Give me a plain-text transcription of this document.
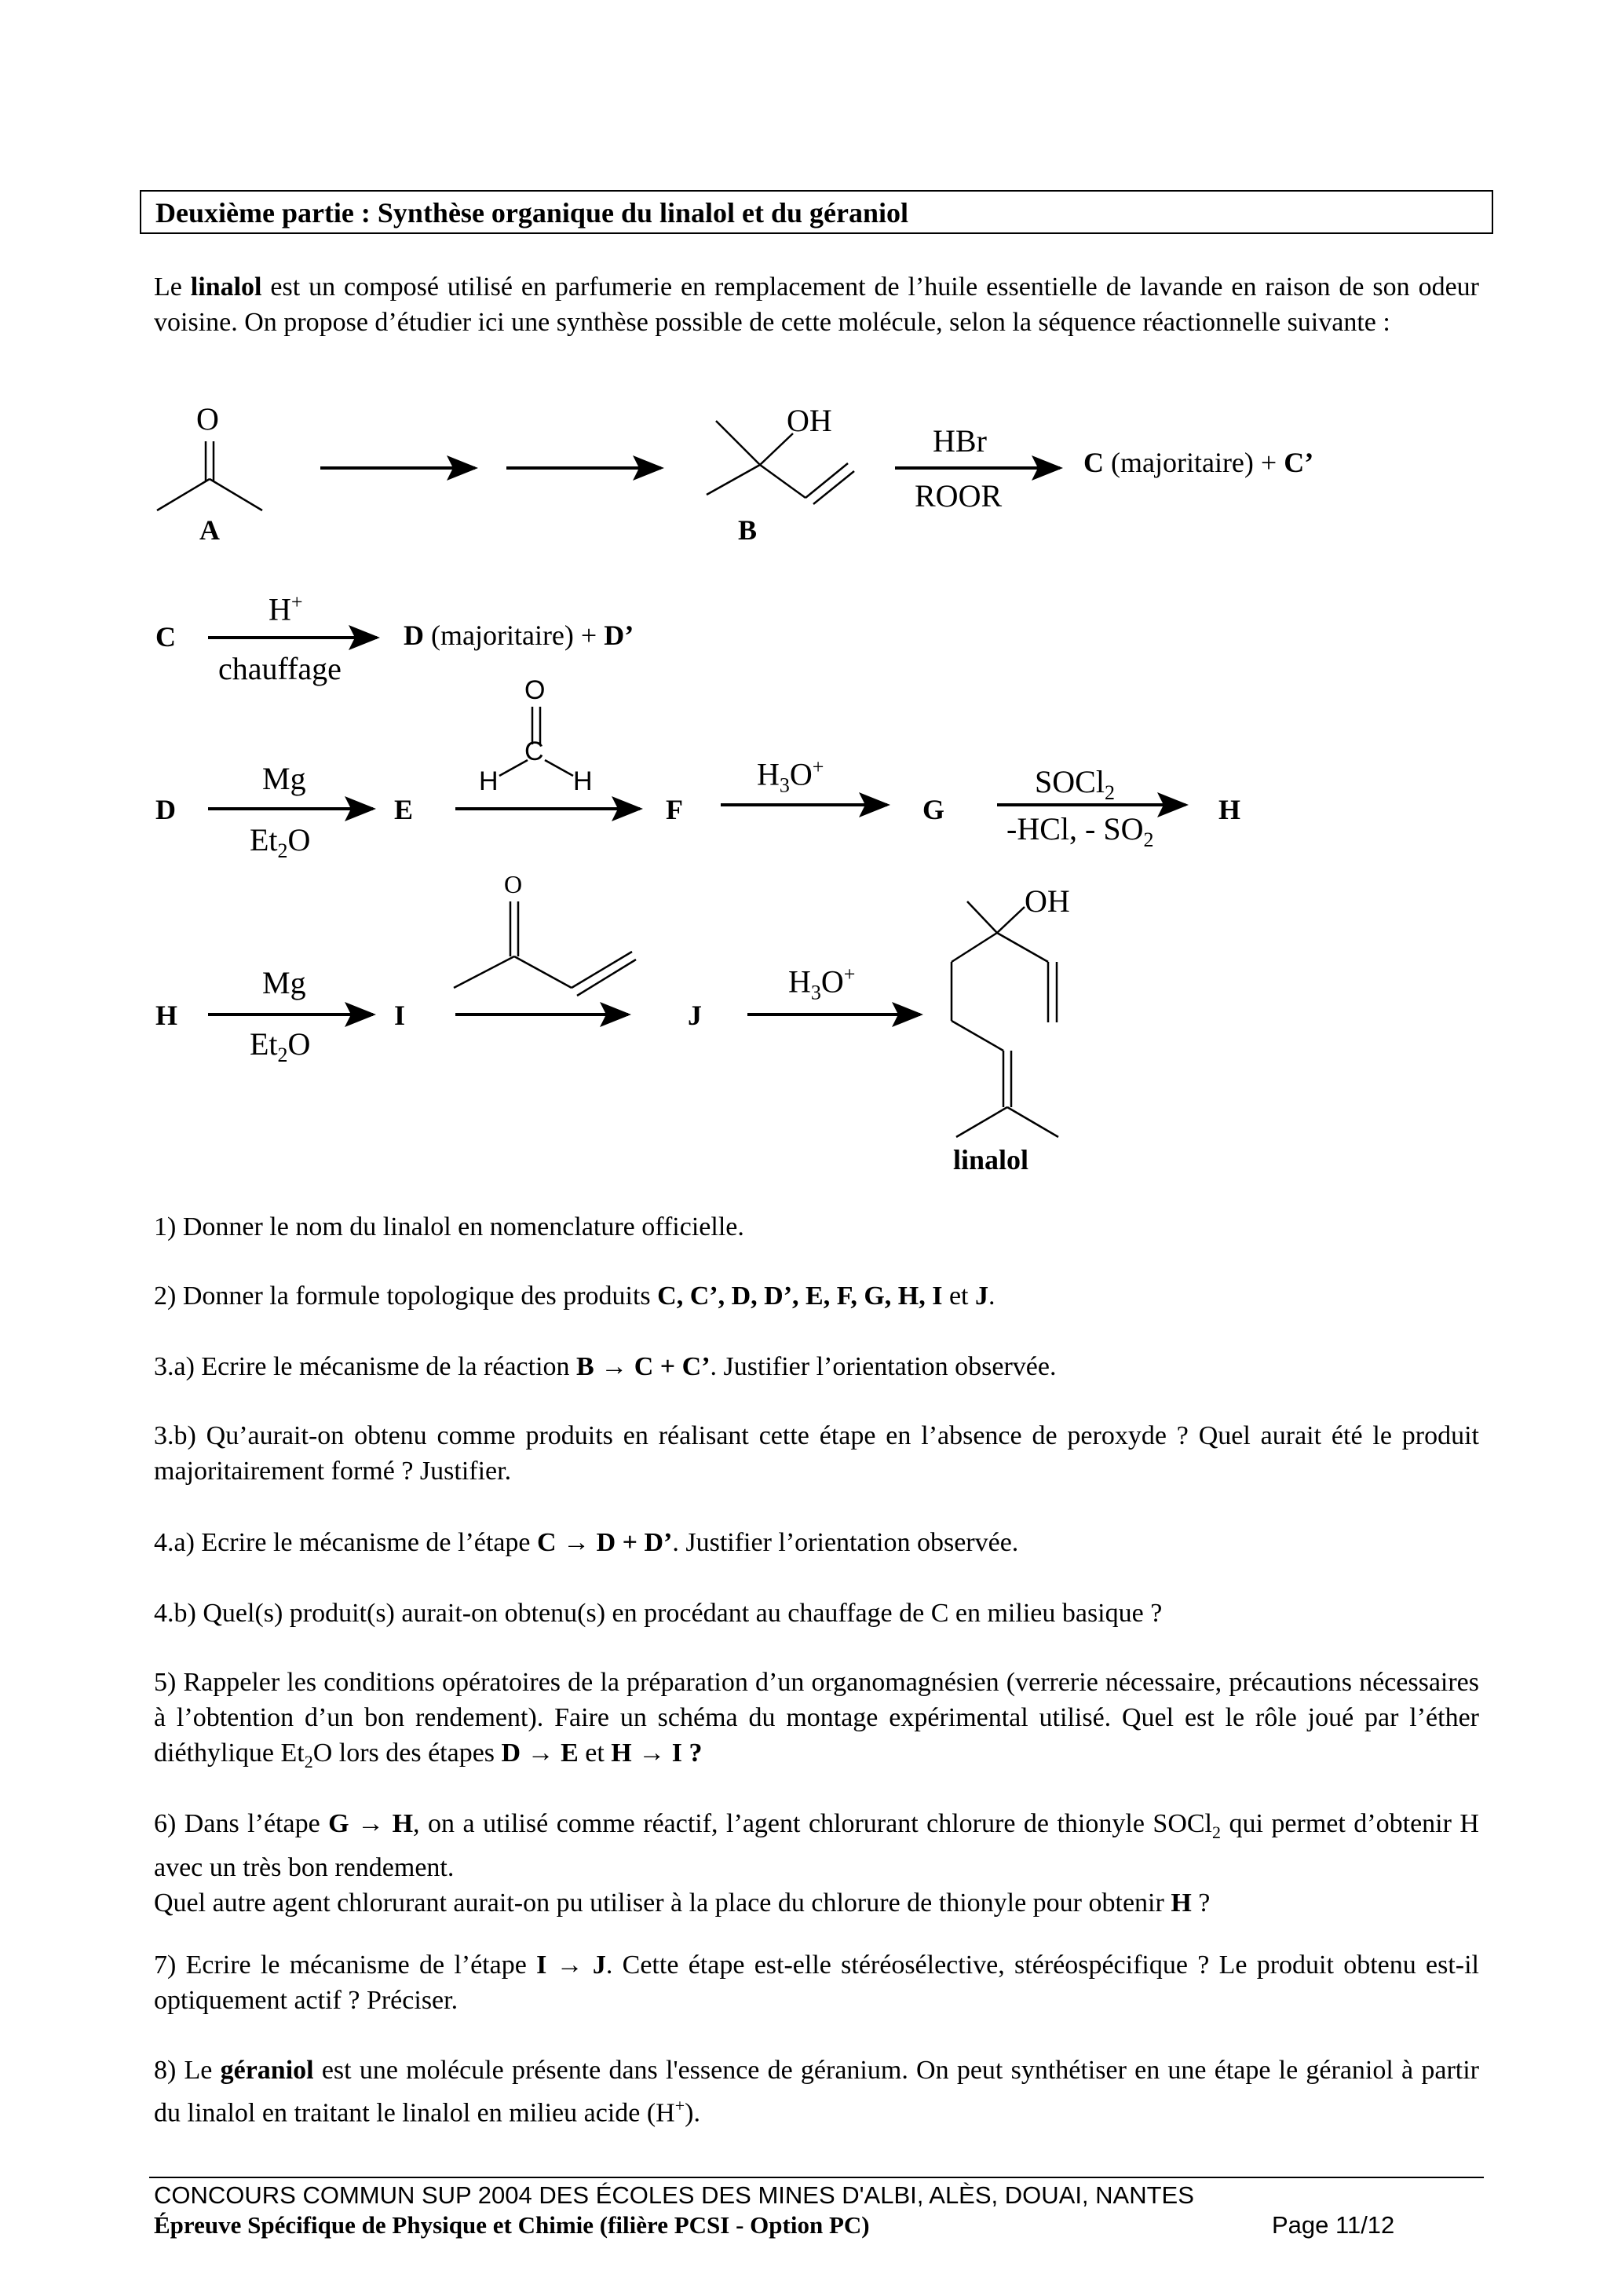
Deuxième partie : Synthèse organique du linalol et du géraniol
Le linalol est un composé utilisé en parfumerie en remplacement de l’huile essentielle de lavande en raison de son odeur voisine. On propose d’étudier ici une synthèse possible de cette molécule, selon la séquence réactionnelle suivante :
O
A
OH
B
HBr
ROOR
C (majoritaire) + C’
C
H+
chauffage
D (majoritaire) + D’
D
Mg
$Et_2O$
E
O
C
H	H
F
$H_3O^+$
G
SOCl$_2$
-HCl, - $SO_2$
H
H
Mg
$Et_2O$
I
O
J
$H_3O^+$
OH
linalol
1) Donner le nom du linalol en nomenclature officielle.
2) Donner la formule topologique des produits C, C’, D, D’, E, F, G, H, I et J.
3.a) Ecrire le mécanisme de la réaction B → C + C’. Justifier l’orientation observée.
3.b) Qu’aurait-on obtenu comme produits en réalisant cette étape en l’absence de peroxyde ? Quel aurait été le produit majoritairement formé ? Justifier.
4.a) Ecrire le mécanisme de l’étape C → D + D’. Justifier l’orientation observée.
4.b) Quel(s) produit(s) aurait-on obtenu(s) en procédant au chauffage de C en milieu basique ?
5) Rappeler les conditions opératoires de la préparation d’un organomagnésien (verrerie nécessaire, précautions nécessaires à l’obtention d’un bon rendement). Faire un schéma du montage expérimental utilisé. Quel est le rôle joué par l’éther diéthylique $Et_2O$ lors des étapes D → E et H → I ?
6) Dans l’étape G → H, on a utilisé comme réactif, l’agent chlorurant chlorure de thionyle SOCl$_2$ qui permet d’obtenir H avec un très bon rendement.
Quel autre agent chlorurant aurait-on pu utiliser à la place du chlorure de thionyle pour obtenir H ?
7) Ecrire le mécanisme de l’étape I → J. Cette étape est-elle stéréosélective, stéréospécifique ? Le produit obtenu est-il optiquement actif ? Préciser.
8) Le géraniol est une molécule présente dans l'essence de géranium. On peut synthétiser en une étape le géraniol à partir du linalol en traitant le linalol en milieu acide (H+).
CONCOURS COMMUN SUP 2004 DES ÉCOLES DES MINES D'ALBI, ALÈS, DOUAI, NANTES
Épreuve Spécifique de Physique et Chimie (filière PCSI - Option PC)	Page 11/12
